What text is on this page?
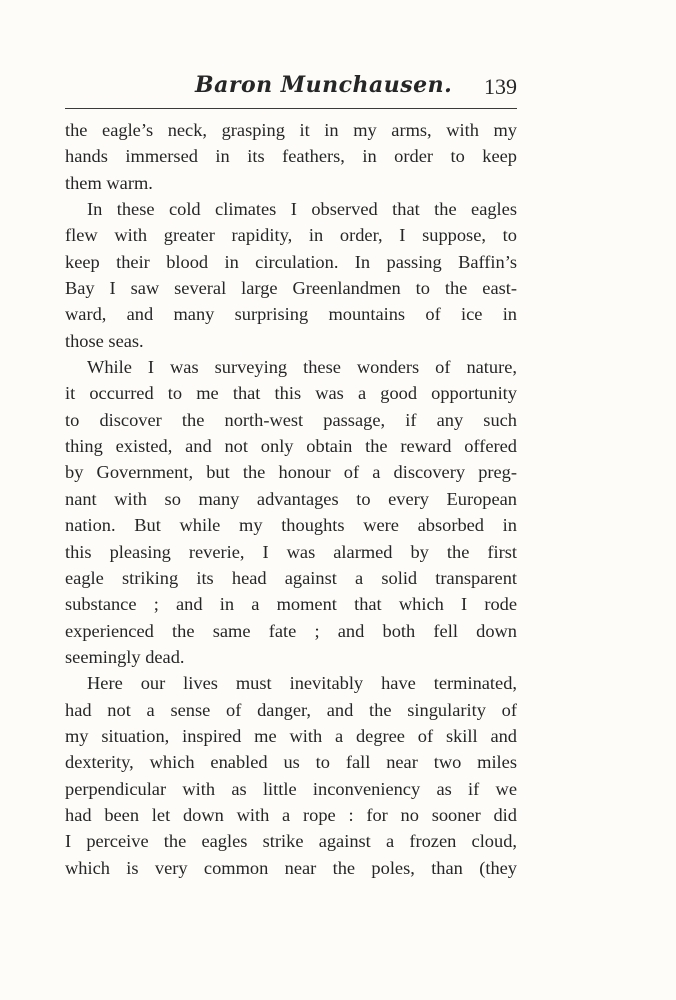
Baron Munchausen. 139
the eagle’s neck, grasping it in my arms, with my
hands immersed in its feathers, in order to keep
them warm.
In these cold climates I observed that the eagles
flew with greater rapidity, in order, I suppose, to
keep their blood in circulation. In passing Baffin’s
Bay I saw several large Greenlandmen to the east-
ward, and many surprising mountains of ice in
those seas.
While I was surveying these wonders of nature,
it occurred to me that this was a good opportunity
to discover the north-west passage, if any such
thing existed, and not only obtain the reward offered
by Government, but the honour of a discovery preg-
nant with so many advantages to every European
nation. But while my thoughts were absorbed in
this pleasing reverie, I was alarmed by the first
eagle striking its head against a solid transparent
substance ; and in a moment that which I rode
experienced the same fate ; and both fell down
seemingly dead.
Here our lives must inevitably have terminated,
had not a sense of danger, and the singularity of
my situation, inspired me with a degree of skill and
dexterity, which enabled us to fall near two miles
perpendicular with as little inconveniency as if we
had been let down with a rope : for no sooner did
I perceive the eagles strike against a frozen cloud,
which is very common near the poles, than (they
